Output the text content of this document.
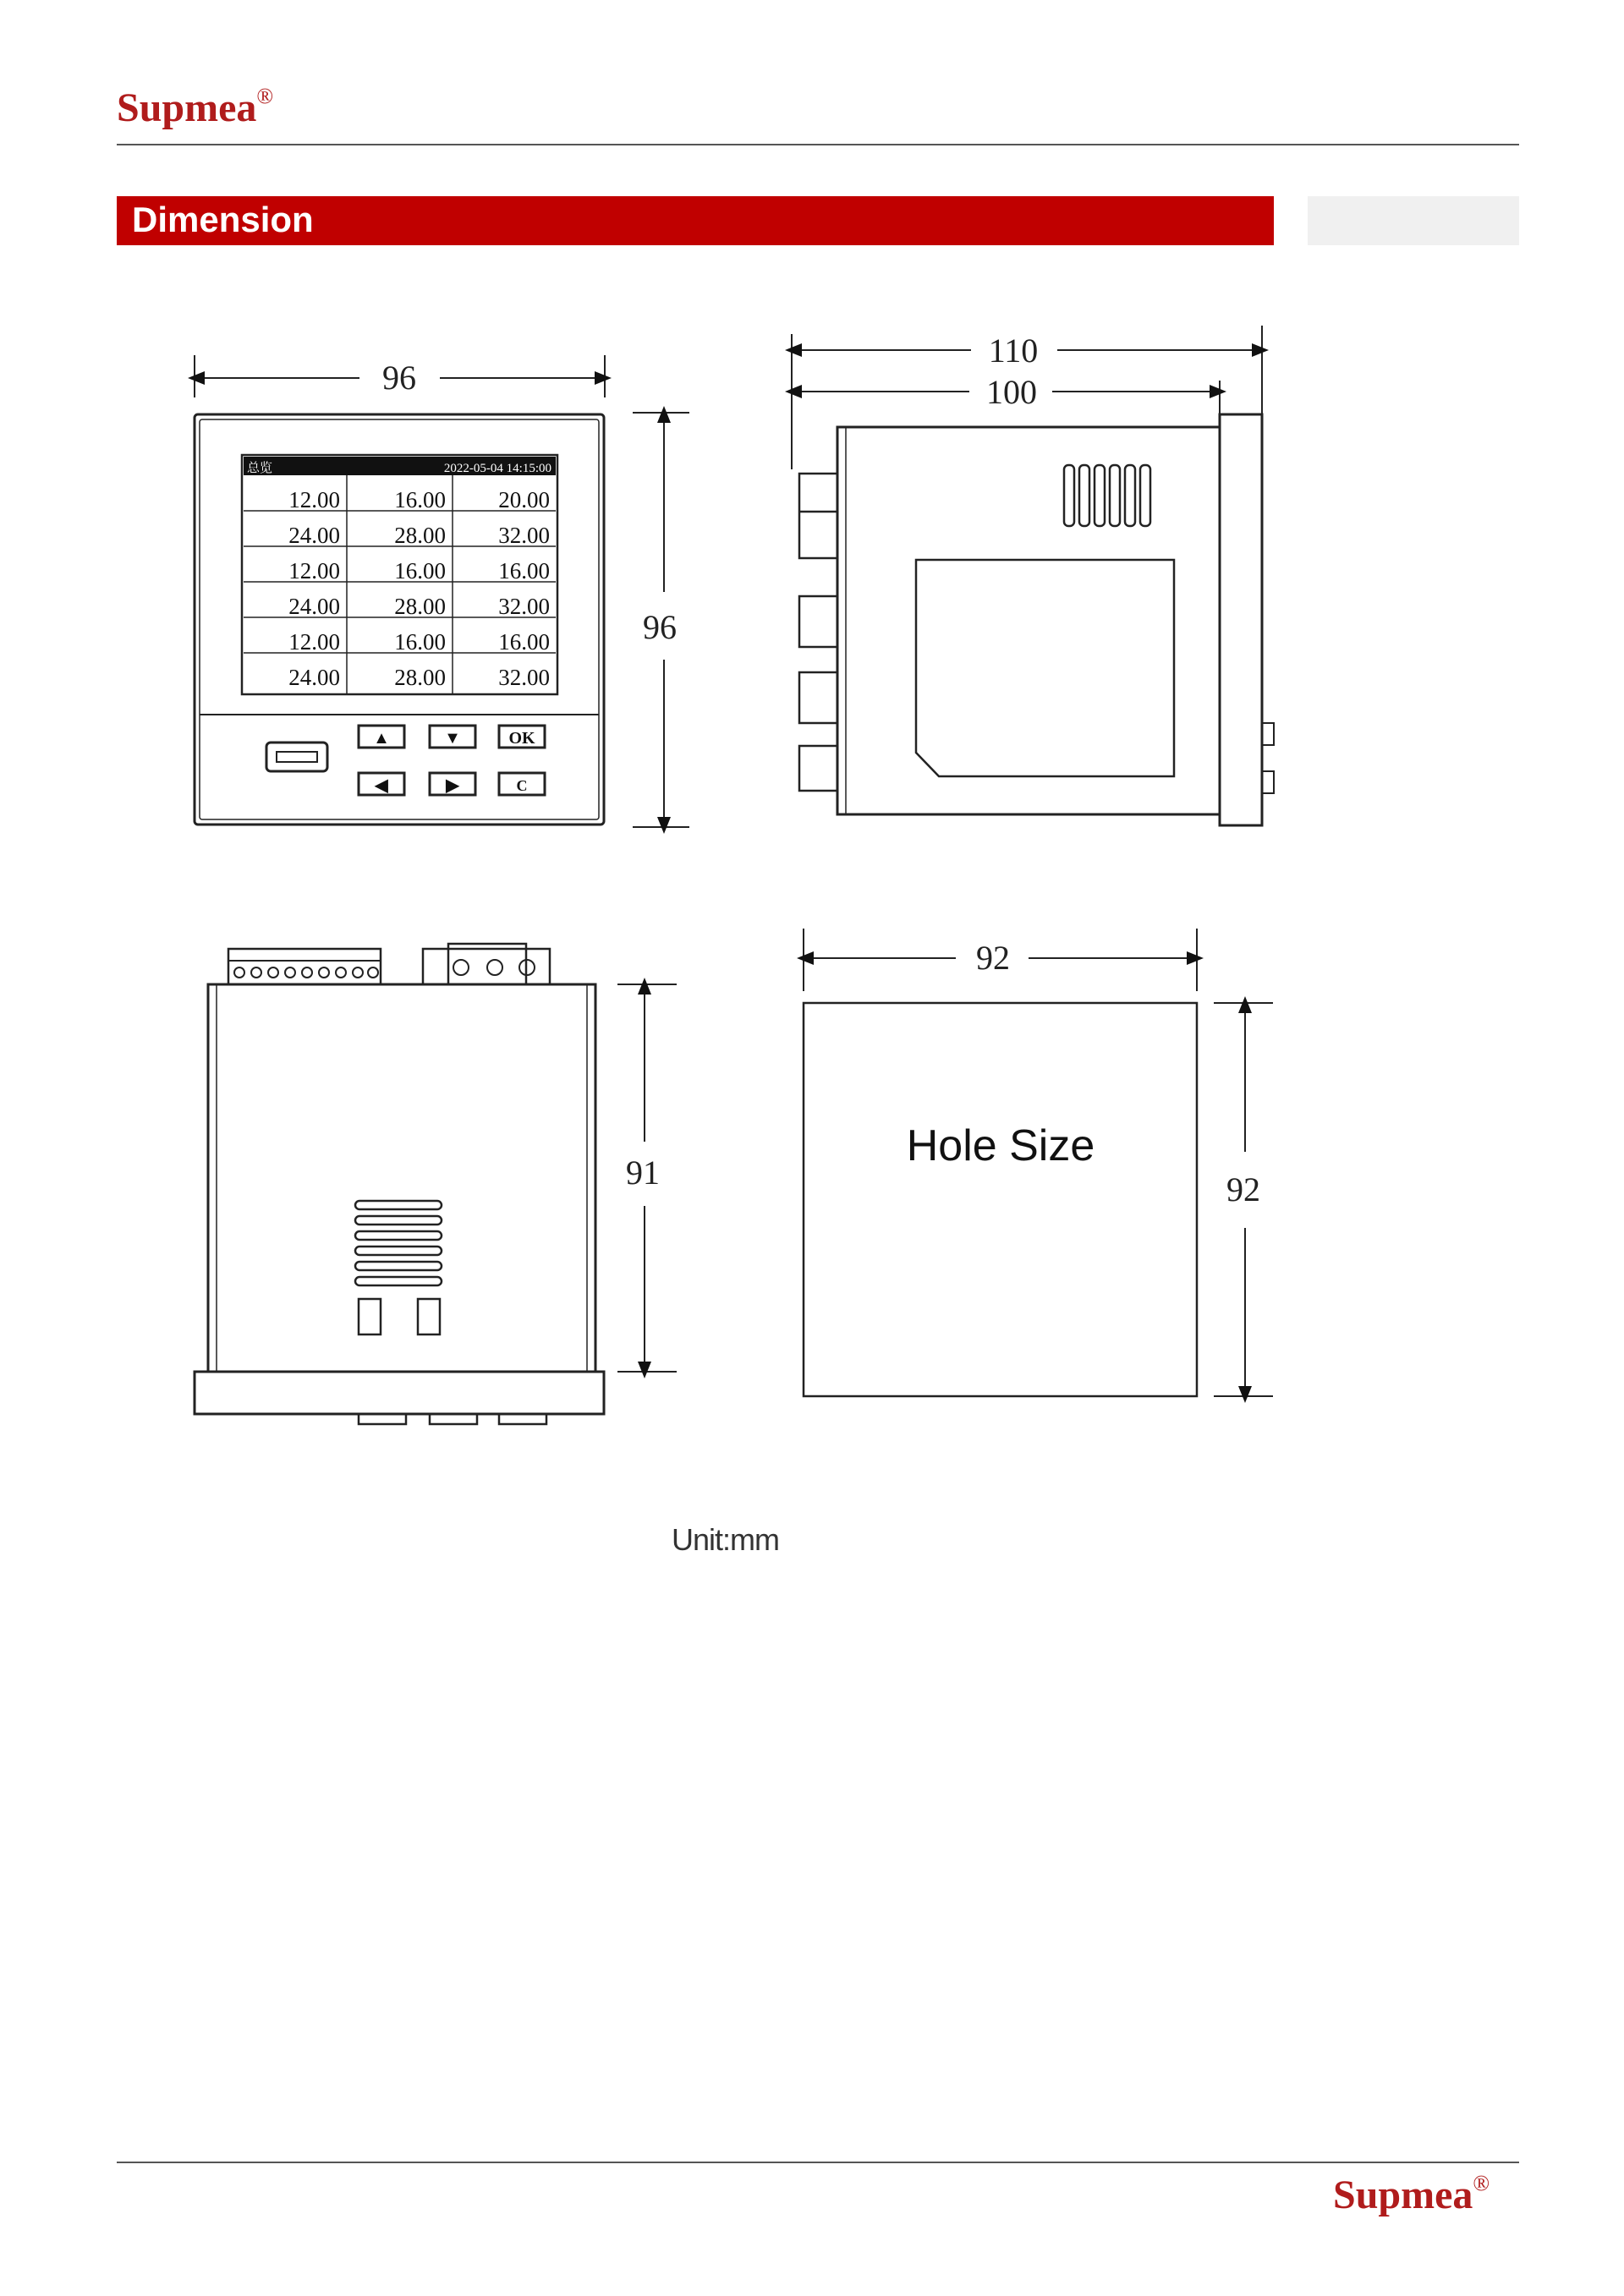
Supmea®
Dimension
96
96
总览	2022-05-04 14:15:00
12.00 16.00 20.00
24.00 28.00 32.00
12.00 16.00 16.00
24.00 28.00 32.00
12.00 16.00 16.00
24.00 28.00 32.00
▲	▼	OK
◀	▶	C
110
100
91
92
92
Hole Size
Unit:mm
Supmea®
